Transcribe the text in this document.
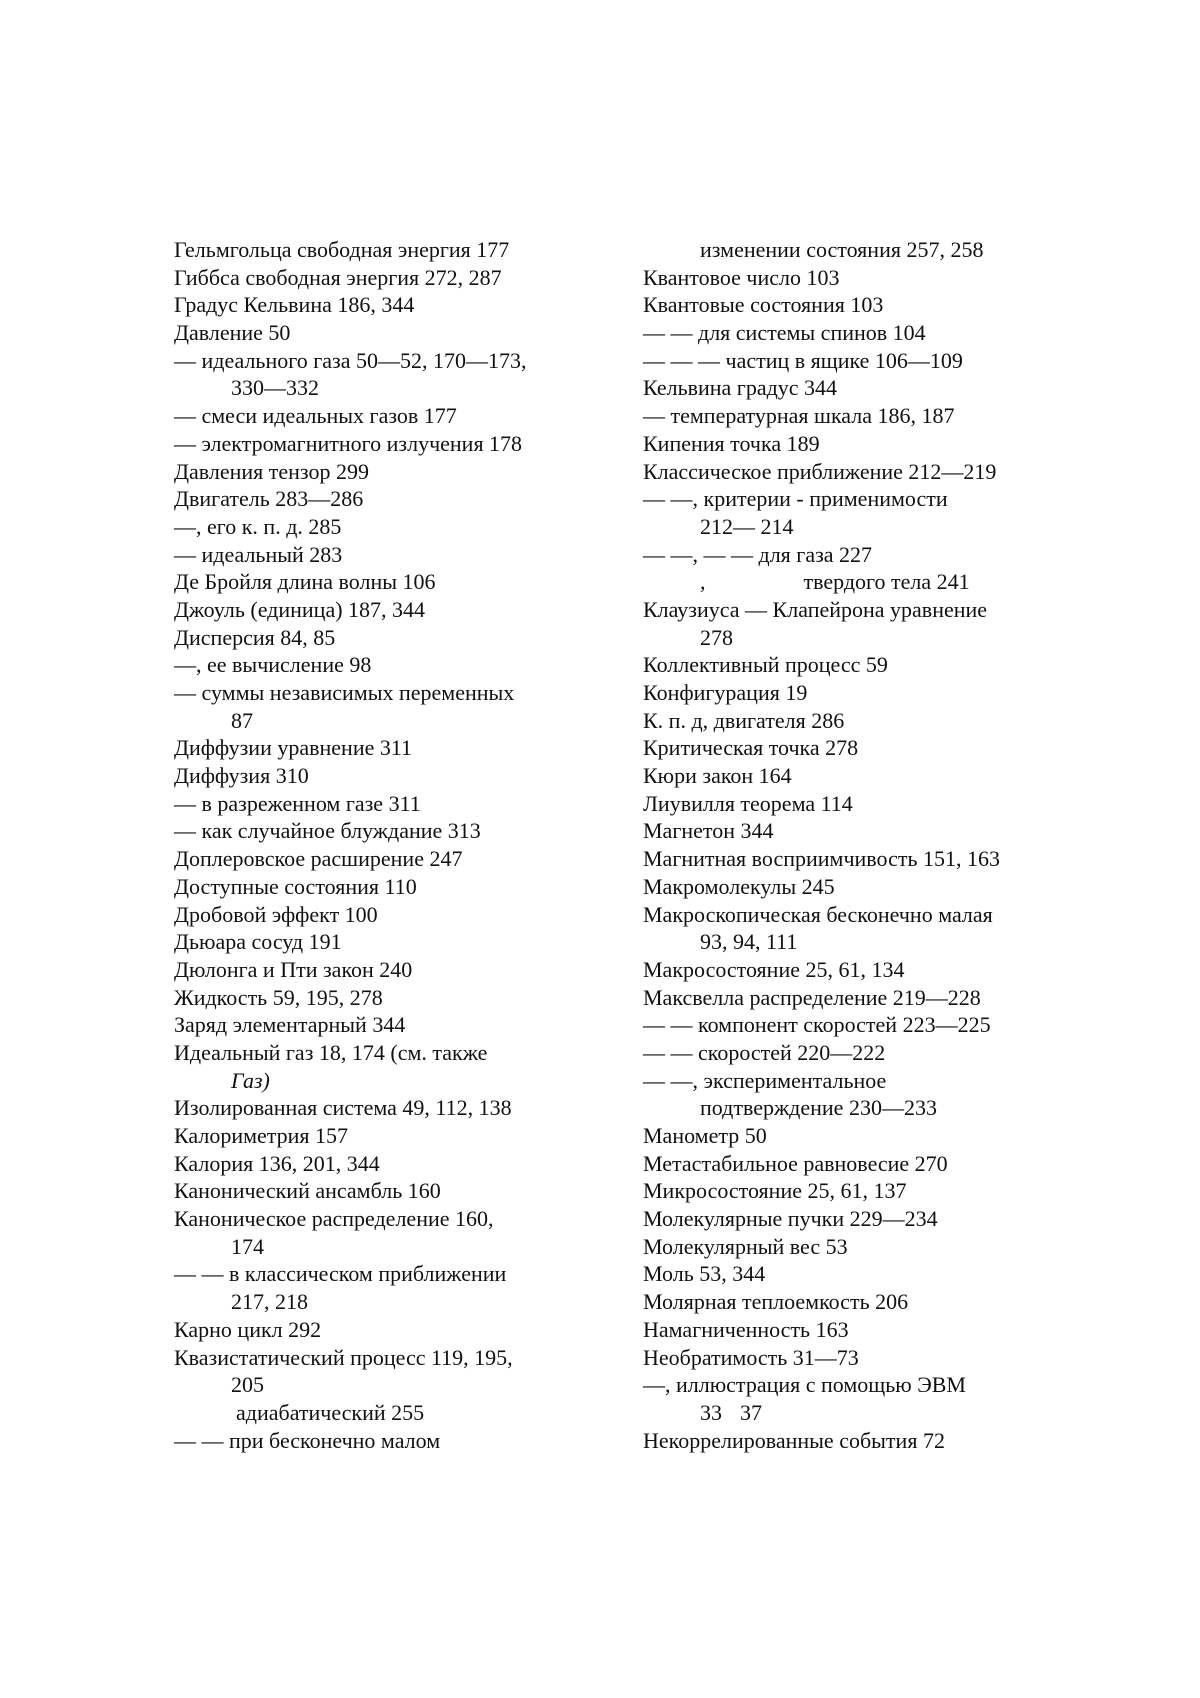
Гельмгольца свободная энергия 177
Гиббса свободная энергия 272, 287
Градус Кельвина 186, 344
Давление 50
— идеального газа 50—52, 170—173,
330—332
— смеси идеальных газов 177
— электромагнитного излучения 178
Давления тензор 299
Двигатель 283—286
—, его к. п. д. 285
— идеальный 283
Де Бройля длина волны 106
Джоуль (единица) 187, 344
Дисперсия 84, 85
—, ее вычисление 98
— суммы независимых переменных
87
Диффузии уравнение 311
Диффузия 310
— в разреженном газе 311
— как случайное блуждание 313
Доплеровское расширение 247
Доступные состояния 110
Дробовой эффект 100
Дьюара сосуд 191
Дюлонга и Пти закон 240
Жидкость 59, 195, 278
Заряд элементарный 344
Идеальный газ 18, 174 (см. также
Газ)
Изолированная система 49, 112, 138
Калориметрия 157
Калория 136, 201, 344
Канонический ансамбль 160
Каноническое распределение 160,
174
— — в классическом приближении
217, 218
Карно цикл 292
Квазистатический процесс 119, 195,
205
адиабатический 255
— — при бесконечно малом
изменении состояния 257, 258
Квантовое число 103
Квантовые состояния 103
— — для системы спинов 104
— — — частиц в ящике 106—109
Кельвина градус 344
— температурная шкала 186, 187
Кипения точка 189
Классическое приближение 212—219
— —, критерии - применимости
212— 214
— —, — — для газа 227
,	твердого тела 241
Клаузиуса — Клапейрона уравнение
278
Коллективный процесс 59
Конфигурация 19
К. п. д, двигателя 286
Критическая точка 278
Кюри закон 164
Лиувилля теорема 114
Магнетон 344
Магнитная восприимчивость 151, 163
Макромолекулы 245
Макроскопическая бесконечно малая
93, 94, 111
Макросостояние 25, 61, 134
Максвелла распределение 219—228
— — компонент скоростей 223—225
— — скоростей 220—222
— —, экспериментальное
подтверждение 230—233
Манометр 50
Метастабильное равновесие 270
Микросостояние 25, 61, 137
Молекулярные пучки 229—234
Молекулярный вес 53
Моль 53, 344
Молярная теплоемкость 206
Намагниченность 163
Необратимость 31—73
—, иллюстрация с помощью ЭВМ
33 37
Некоррелированные события 72
